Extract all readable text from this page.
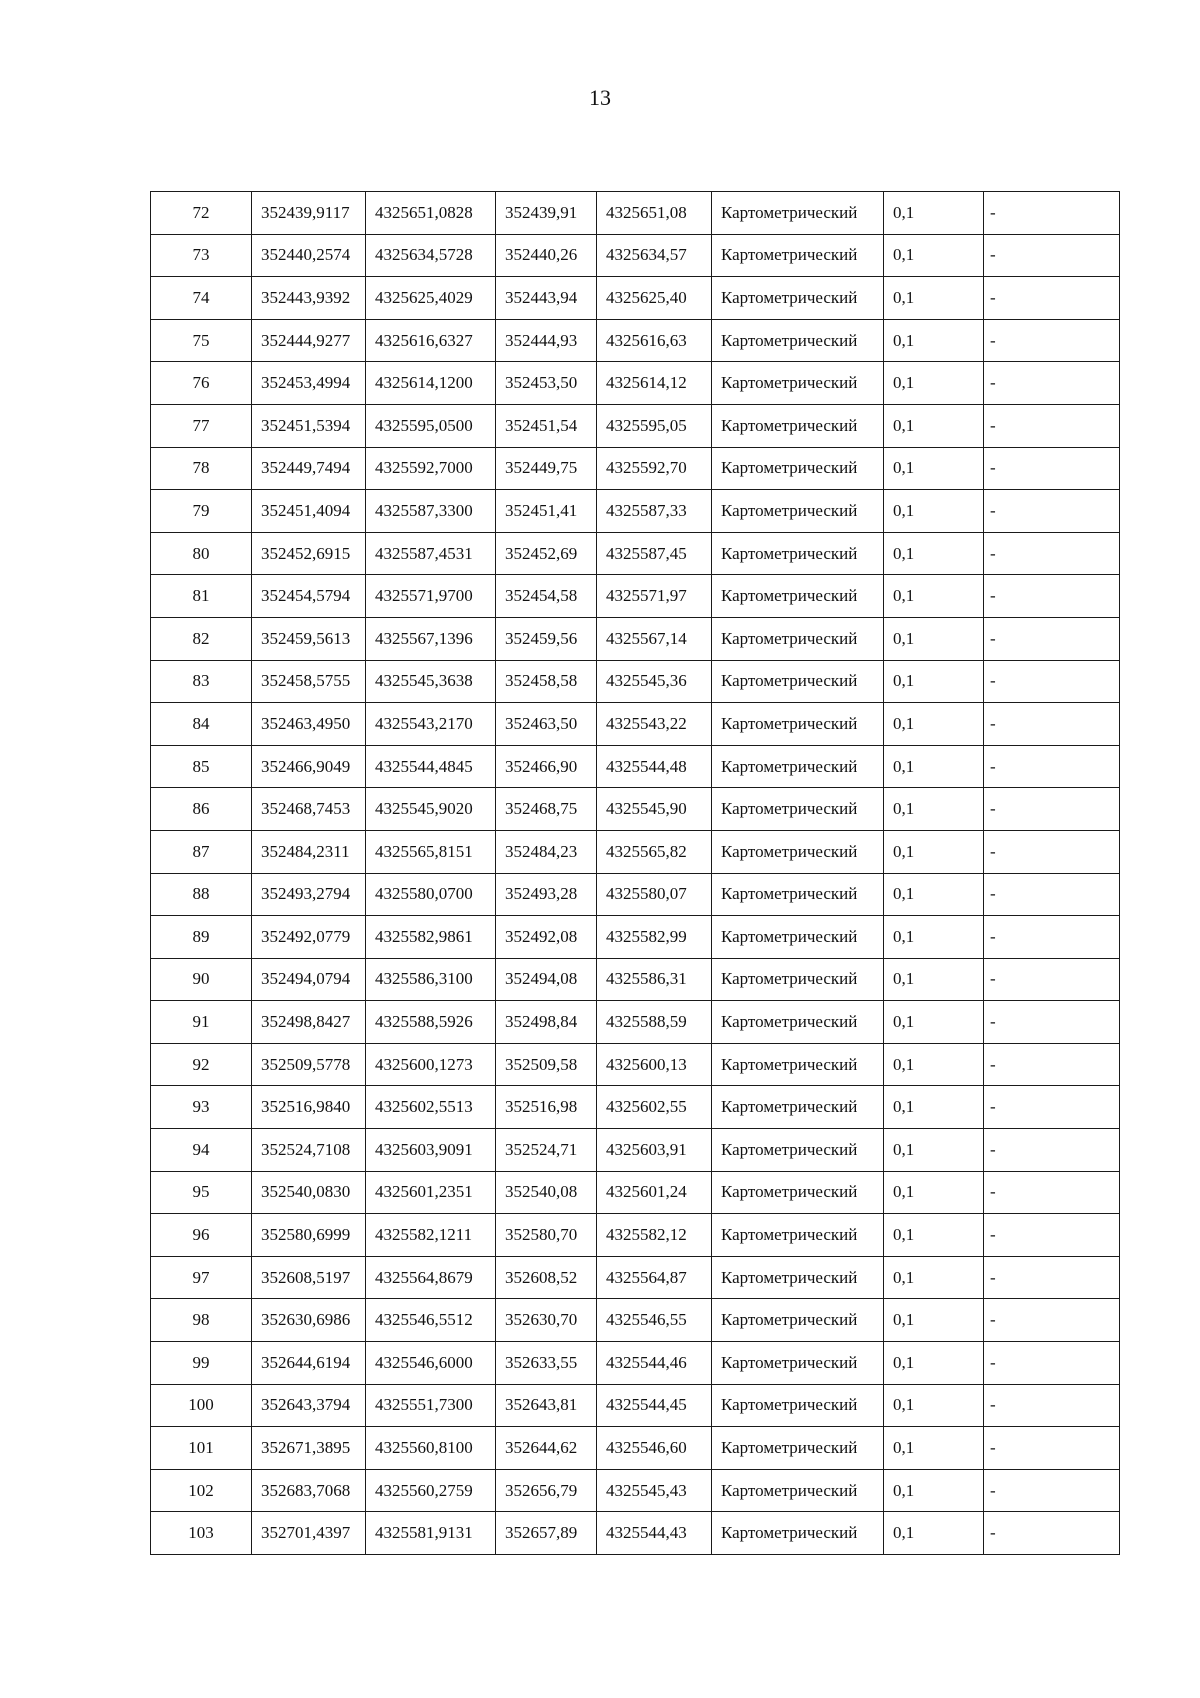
13
72	352439,9117	4325651,0828	352439,91	4325651,08	Картометрический	0,1	-
73	352440,2574	4325634,5728	352440,26	4325634,57	Картометрический	0,1	-
74	352443,9392	4325625,4029	352443,94	4325625,40	Картометрический	0,1	-
75	352444,9277	4325616,6327	352444,93	4325616,63	Картометрический	0,1	-
76	352453,4994	4325614,1200	352453,50	4325614,12	Картометрический	0,1	-
77	352451,5394	4325595,0500	352451,54	4325595,05	Картометрический	0,1	-
78	352449,7494	4325592,7000	352449,75	4325592,70	Картометрический	0,1	-
79	352451,4094	4325587,3300	352451,41	4325587,33	Картометрический	0,1	-
80	352452,6915	4325587,4531	352452,69	4325587,45	Картометрический	0,1	-
81	352454,5794	4325571,9700	352454,58	4325571,97	Картометрический	0,1	-
82	352459,5613	4325567,1396	352459,56	4325567,14	Картометрический	0,1	-
83	352458,5755	4325545,3638	352458,58	4325545,36	Картометрический	0,1	-
84	352463,4950	4325543,2170	352463,50	4325543,22	Картометрический	0,1	-
85	352466,9049	4325544,4845	352466,90	4325544,48	Картометрический	0,1	-
86	352468,7453	4325545,9020	352468,75	4325545,90	Картометрический	0,1	-
87	352484,2311	4325565,8151	352484,23	4325565,82	Картометрический	0,1	-
88	352493,2794	4325580,0700	352493,28	4325580,07	Картометрический	0,1	-
89	352492,0779	4325582,9861	352492,08	4325582,99	Картометрический	0,1	-
90	352494,0794	4325586,3100	352494,08	4325586,31	Картометрический	0,1	-
91	352498,8427	4325588,5926	352498,84	4325588,59	Картометрический	0,1	-
92	352509,5778	4325600,1273	352509,58	4325600,13	Картометрический	0,1	-
93	352516,9840	4325602,5513	352516,98	4325602,55	Картометрический	0,1	-
94	352524,7108	4325603,9091	352524,71	4325603,91	Картометрический	0,1	-
95	352540,0830	4325601,2351	352540,08	4325601,24	Картометрический	0,1	-
96	352580,6999	4325582,1211	352580,70	4325582,12	Картометрический	0,1	-
97	352608,5197	4325564,8679	352608,52	4325564,87	Картометрический	0,1	-
98	352630,6986	4325546,5512	352630,70	4325546,55	Картометрический	0,1	-
99	352644,6194	4325546,6000	352633,55	4325544,46	Картометрический	0,1	-
100	352643,3794	4325551,7300	352643,81	4325544,45	Картометрический	0,1	-
101	352671,3895	4325560,8100	352644,62	4325546,60	Картометрический	0,1	-
102	352683,7068	4325560,2759	352656,79	4325545,43	Картометрический	0,1	-
103	352701,4397	4325581,9131	352657,89	4325544,43	Картометрический	0,1	-
